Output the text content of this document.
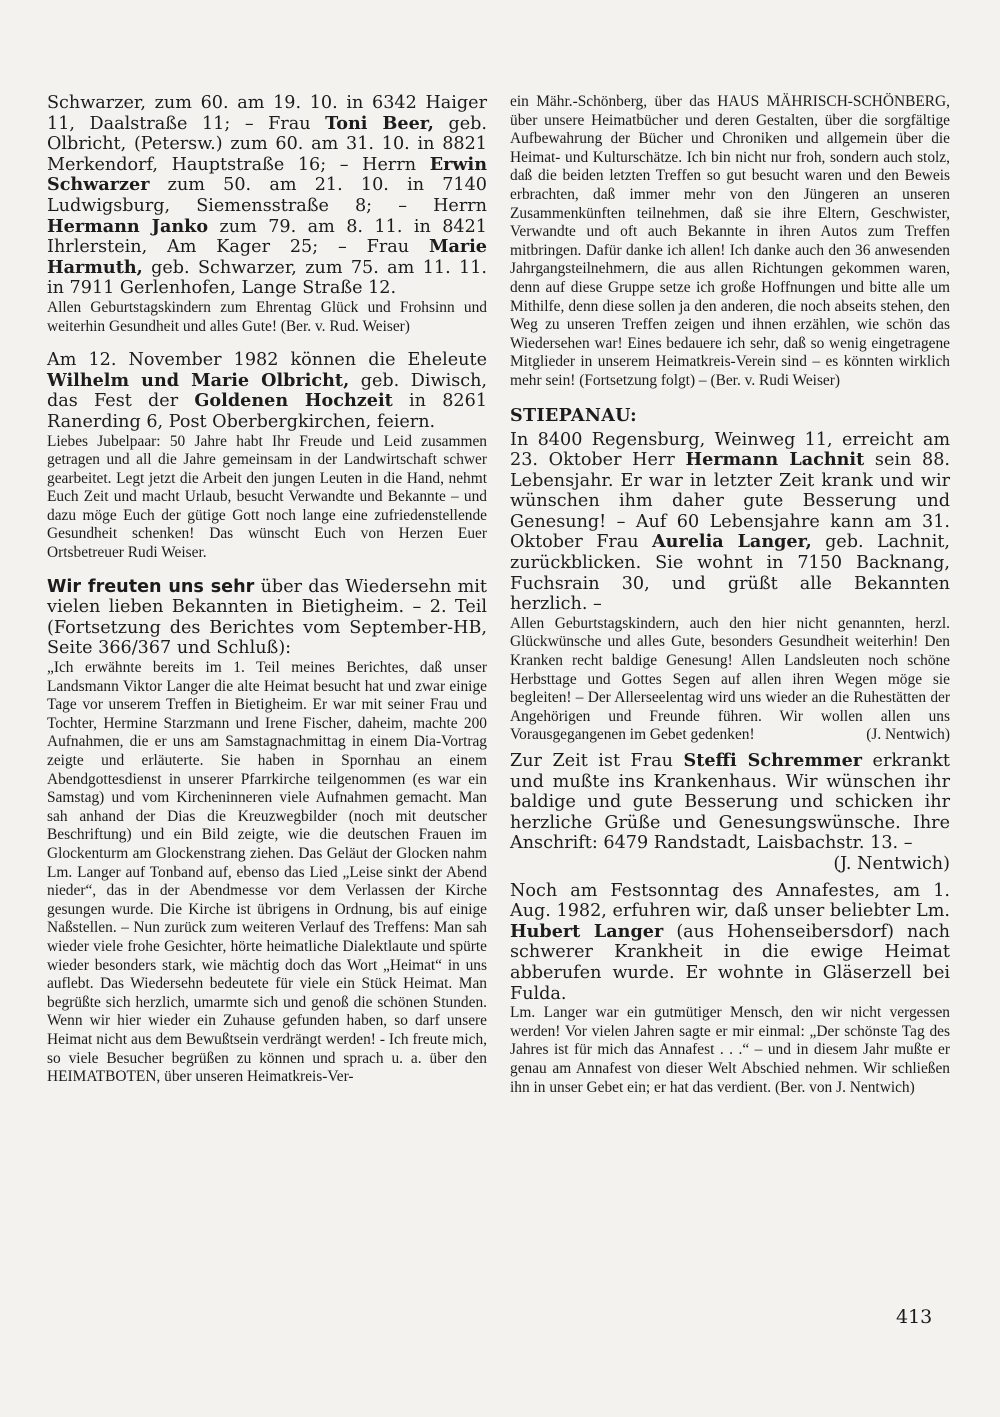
Schwarzer, zum 60. am 19. 10. in 6342 Haiger 11, Daalstraße 11; – Frau Toni Beer, geb. Olbricht, (Petersw.) zum 60. am 31. 10. in 8821 Merkendorf, Hauptstraße 16; – Herrn Erwin Schwarzer zum 50. am 21. 10. in 7140 Ludwigsburg, Siemensstraße 8; – Herrn Hermann Janko zum 79. am 8. 11. in 8421 Ihrlerstein, Am Kager 25; – Frau Marie Harmuth, geb. Schwarzer, zum 75. am 11. 11. in 7911 Gerlenhofen, Lange Straße 12.

Allen Geburtstagskindern zum Ehrentag Glück und Frohsinn und weiterhin Gesundheit und alles Gute! (Ber. v. Rud. Weiser)

Am 12. November 1982 können die Eheleute Wilhelm und Marie Olbricht, geb. Diwisch, das Fest der Goldenen Hochzeit in 8261 Ranerding 6, Post Oberbergkirchen, feiern.

Liebes Jubelpaar: 50 Jahre habt Ihr Freude und Leid zusammen getragen und all die Jahre gemeinsam in der Landwirtschaft schwer gearbeitet. Legt jetzt die Arbeit den jungen Leuten in die Hand, nehmt Euch Zeit und macht Urlaub, besucht Verwandte und Bekannte – und dazu möge Euch der gütige Gott noch lange eine zufriedenstellende Gesundheit schenken! Das wünscht Euch von Herzen Euer Ortsbetreuer Rudi Weiser.

Wir freuten uns sehr über das Wiedersehn mit vielen lieben Bekannten in Bietigheim. – 2. Teil (Fortsetzung des Berichtes vom September-HB, Seite 366/367 und Schluß):

„Ich erwähnte bereits im 1. Teil meines Berichtes, daß unser Landsmann Viktor Langer die alte Heimat besucht hat und zwar einige Tage vor unserem Treffen in Bietigheim. Er war mit seiner Frau und Tochter, Hermine Starzmann und Irene Fischer, daheim, machte 200 Aufnahmen, die er uns am Samstagnachmittag in einem Dia-Vortrag zeigte und erläuterte. Sie haben in Spornhau an einem Abendgottesdienst in unserer Pfarrkirche teilgenommen (es war ein Samstag) und vom Kircheninneren viele Aufnahmen gemacht. Man sah anhand der Dias die Kreuzwegbilder (noch mit deutscher Beschriftung) und ein Bild zeigte, wie die deutschen Frauen im Glockenturm am Glockenstrang ziehen. Das Geläut der Glocken nahm Lm. Langer auf Tonband auf, ebenso das Lied „Leise sinkt der Abend nieder“, das in der Abendmesse vor dem Verlassen der Kirche gesungen wurde. Die Kirche ist übrigens in Ordnung, bis auf einige Naßstellen. – Nun zurück zum weiteren Verlauf des Treffens: Man sah wieder viele frohe Gesichter, hörte heimatliche Dialektlaute und spürte wieder besonders stark, wie mächtig doch das Wort „Heimat“ in uns auflebt. Das Wiedersehn bedeutete für viele ein Stück Heimat. Man begrüßte sich herzlich, umarmte sich und genoß die schönen Stunden. Wenn wir hier wieder ein Zuhause gefunden haben, so darf unsere Heimat nicht aus dem Bewußtsein verdrängt werden! - Ich freute mich, so viele Besucher begrüßen zu können und sprach u. a. über den HEIMATBOTEN, über unseren Heimatkreis-Ver-

ein Mähr.-Schönberg, über das HAUS MÄHRISCH-SCHÖNBERG, über unsere Heimatbücher und deren Gestalten, über die sorgfältige Aufbewahrung der Bücher und Chroniken und allgemein über die Heimat- und Kulturschätze. Ich bin nicht nur froh, sondern auch stolz, daß die beiden letzten Treffen so gut besucht waren und den Beweis erbrachten, daß immer mehr von den Jüngeren an unseren Zusammenkünften teilnehmen, daß sie ihre Eltern, Geschwister, Verwandte und oft auch Bekannte in ihren Autos zum Treffen mitbringen. Dafür danke ich allen! Ich danke auch den 36 anwesenden Jahrgangsteilnehmern, die aus allen Richtungen gekommen waren, denn auf diese Gruppe setze ich große Hoffnungen und bitte alle um Mithilfe, denn diese sollen ja den anderen, die noch abseits stehen, den Weg zu unseren Treffen zeigen und ihnen erzählen, wie schön das Wiedersehen war! Eines bedauere ich sehr, daß so wenig eingetragene Mitglieder in unserem Heimatkreis-Verein sind – es könnten wirklich mehr sein! (Fortsetzung folgt) – (Ber. v. Rudi Weiser)

STIEPANAU:

In 8400 Regensburg, Weinweg 11, erreicht am 23. Oktober Herr Hermann Lachnit sein 88. Lebensjahr. Er war in letzter Zeit krank und wir wünschen ihm daher gute Besserung und Genesung! – Auf 60 Lebensjahre kann am 31. Oktober Frau Aurelia Langer, geb. Lachnit, zurückblicken. Sie wohnt in 7150 Backnang, Fuchsrain 30, und grüßt alle Bekannten herzlich. –

Allen Geburtstagskindern, auch den hier nicht genannten, herzl. Glückwünsche und alles Gute, besonders Gesundheit weiterhin! Den Kranken recht baldige Genesung! Allen Landsleuten noch schöne Herbsttage und Gottes Segen auf allen ihren Wegen möge sie begleiten! – Der Allerseelentag wird uns wieder an die Ruhestätten der Angehörigen und Freunde führen. Wir wollen allen uns Vorausgegangenen im Gebet gedenken!	(J. Nentwich)

Zur Zeit ist Frau Steffi Schremmer erkrankt und mußte ins Krankenhaus. Wir wünschen ihr baldige und gute Besserung und schicken ihr herzliche Grüße und Genesungswünsche. Ihre Anschrift: 6479 Randstadt, Laisbachstr. 13. –
(J. Nentwich)

Noch am Festsonntag des Annafestes, am 1. Aug. 1982, erfuhren wir, daß unser beliebter Lm. Hubert Langer (aus Hohenseibersdorf) nach schwerer Krankheit in die ewige Heimat abberufen wurde. Er wohnte in Gläserzell bei Fulda.

Lm. Langer war ein gutmütiger Mensch, den wir nicht vergessen werden! Vor vielen Jahren sagte er mir einmal: „Der schönste Tag des Jahres ist für mich das Annafest . . .“ – und in diesem Jahr mußte er genau am Annafest von dieser Welt Abschied nehmen. Wir schließen ihn in unser Gebet ein; er hat das verdient. (Ber. von J. Nentwich)

413
